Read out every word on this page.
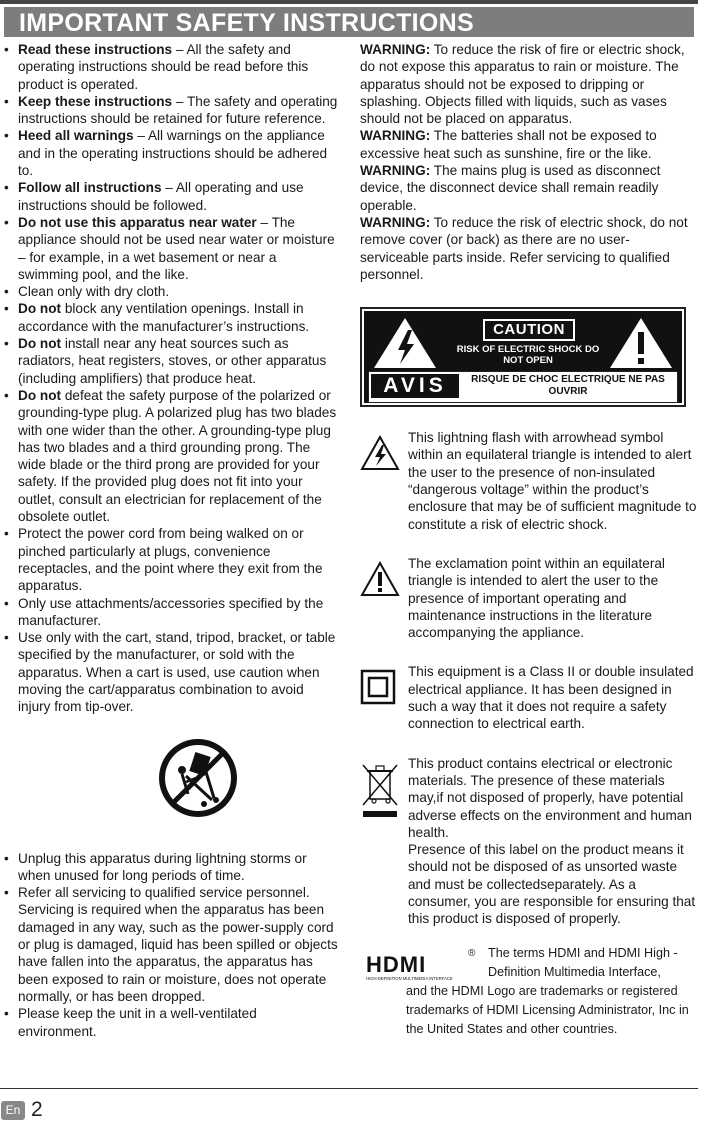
IMPORTANT SAFETY INSTRUCTIONS
• Read these instructions – All the safety and operating instructions should be read before this product is operated.
• Keep these instructions – The safety and operating instructions should be retained for future reference.
• Heed all warnings – All warnings on the appliance and in the operating instructions should be adhered to.
• Follow all instructions – All operating and use instructions should be followed.
• Do not use this apparatus near water – The appliance should not be used near water or moisture – for example, in a wet basement or near a swimming pool, and the like.
• Clean only with dry cloth.
• Do not block any ventilation openings. Install in accordance with the manufacturer’s instructions.
• Do not install near any heat sources such as radiators, heat registers, stoves, or other apparatus (including amplifiers) that produce heat.
• Do not defeat the safety purpose of the polarized or grounding-type plug. A polarized plug has two blades with one wider than the other. A grounding-type plug has two blades and a third grounding prong. The wide blade or the third prong are provided for your safety. If the provided plug does not fit into your outlet, consult an electrician for replacement of the obsolete outlet.
• Protect the power cord from being walked on or pinched particularly at plugs, convenience receptacles, and the point where they exit from the apparatus.
• Only use attachments/accessories specified by the manufacturer.
• Use only with the cart, stand, tripod, bracket, or table specified by the manufacturer, or sold with the apparatus. When a cart is used, use caution when moving the cart/apparatus combination to avoid injury from tip-over.
• Unplug this apparatus during lightning storms or when unused for long periods of time.
• Refer all servicing to qualified service personnel. Servicing is required when the apparatus has been damaged in any way, such as the power-supply cord or plug is damaged, liquid has been spilled or objects have fallen into the apparatus, the apparatus has been exposed to rain or moisture, does not operate normally, or has been dropped.
• Please keep the unit in a well-ventilated environment.

WARNING: To reduce the risk of fire or electric shock, do not expose this apparatus to rain or moisture. The apparatus should not be exposed to dripping or splashing. Objects filled with liquids, such as vases should not be placed on apparatus.

WARNING: The batteries shall not be exposed to excessive heat such as sunshine, fire or the like.

WARNING: The mains plug is used as disconnect device, the disconnect device shall remain readily operable.

WARNING: To reduce the risk of electric shock, do not remove cover (or back) as there are no user-serviceable parts inside. Refer servicing to qualified personnel.

CAUTION
RISK OF ELECTRIC SHOCK DO NOT OPEN
AVIS	RISQUE DE CHOC ELECTRIQUE NE PAS OUVRIR
This lightning flash with arrowhead symbol within an equilateral triangle is intended to alert the user to the presence of non-insulated “dangerous voltage” within the product’s enclosure that may be of sufficient magnitude to constitute a risk of electric shock.
The exclamation point within an equilateral triangle is intended to alert the user to the presence of important operating and maintenance instructions in the literature accompanying the appliance.
This equipment is a Class II or double insulated electrical appliance. It has been designed in such a way that it does not require a safety connection to electrical earth.
This product contains electrical or electronic materials. The presence of these materials may,if not disposed of properly, have potential adverse effects on the environment and human health.
Presence of this label on the product means it should not be disposed of as unsorted waste and must be collectedseparately. As a consumer, you are responsible for ensuring that this product is disposed of properly.
HDMI
HIGH-DEFINITION MULTIMEDIA INTERFACE
® The terms HDMI and HDMI High -Definition Multimedia Interface,
and the HDMI Logo are trademarks or registered trademarks of HDMI Licensing Administrator, Inc in the United States and other countries.
En 2
